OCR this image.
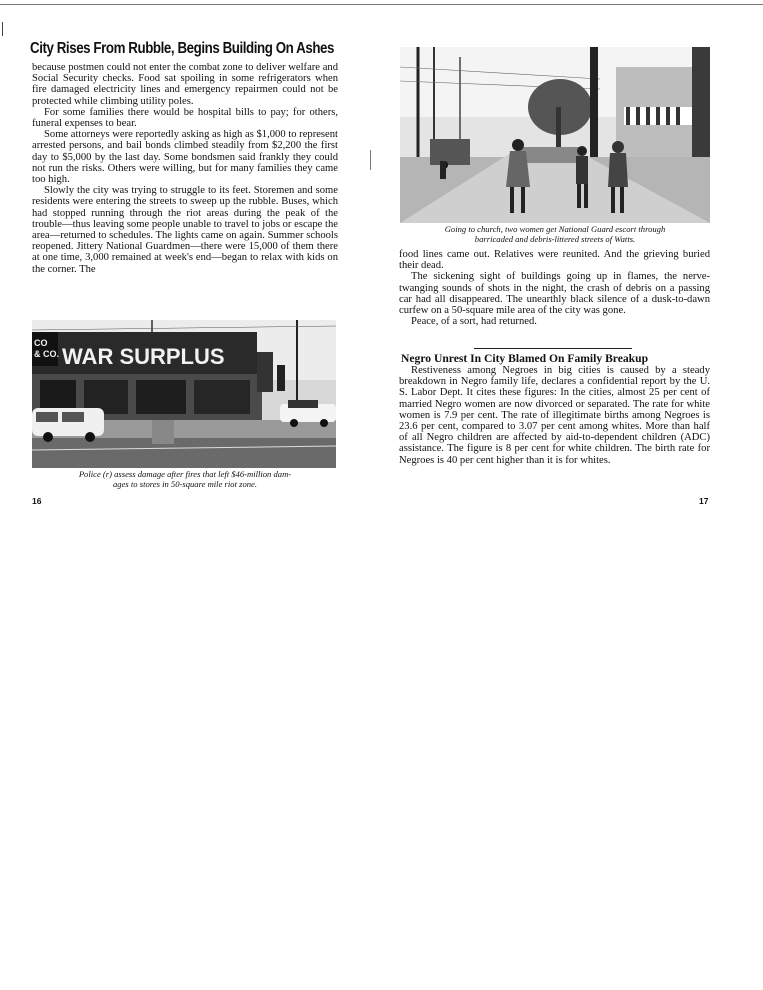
City Rises From Rubble, Begins Building On Ashes

because postmen could not enter the combat zone to deliver welfare and Social Security checks. Food sat spoiling in some refrigerators when fire damaged electricity lines and emergency repairmen could not be protected while climbing utility poles.

For some families there would be hospital bills to pay; for others, funeral expenses to bear.

Some attorneys were reportedly asking as high as $1,000 to represent arrested persons, and bail bonds climbed steadily from $2,200 the first day to $5,000 by the last day. Some bondsmen said frankly they could not run the risks. Others were willing, but for many families they came too high.

Slowly the city was trying to struggle to its feet. Storemen and some residents were entering the streets to sweep up the rubble. Buses, which had stopped running through the riot areas during the peak of the trouble—thus leaving some people unable to travel to jobs or escape the area—returned to schedules. The lights came on again. Summer schools reopened. Jittery National Guardmen—there were 15,000 of them there at one time, 3,000 remained at week's end—began to relax with kids on the corner. The

WAR SURPLUS
CO
& CO.
Police (r) assess damage after fires that left $46-million dam-
ages to stores in 50-square mile riot zone.
Going to church, two women get National Guard escort through
barricaded and debris-littered streets of Watts.

food lines came out. Relatives were reunited. And the grieving buried their dead.

The sickening sight of buildings going up in flames, the nerve-twanging sounds of shots in the night, the crash of debris on a passing car had all disappeared. The unearthly black silence of a dusk-to-dawn curfew on a 50-square mile area of the city was gone.

Peace, of a sort, had returned.

Negro Unrest In City Blamed On Family Breakup

Restiveness among Negroes in big cities is caused by a steady breakdown in Negro family life, declares a confidential report by the U. S. Labor Dept. It cites these figures: In the cities, almost 25 per cent of married Negro women are now divorced or separated. The rate for white women is 7.9 per cent. The rate of illegitimate births among Negroes is 23.6 per cent, compared to 3.07 per cent among whites. More than half of all Negro children are affected by aid-to-dependent children (ADC) assistance. The figure is 8 per cent for white children. The birth rate for Negroes is 40 per cent higher than it is for whites.

16	17
